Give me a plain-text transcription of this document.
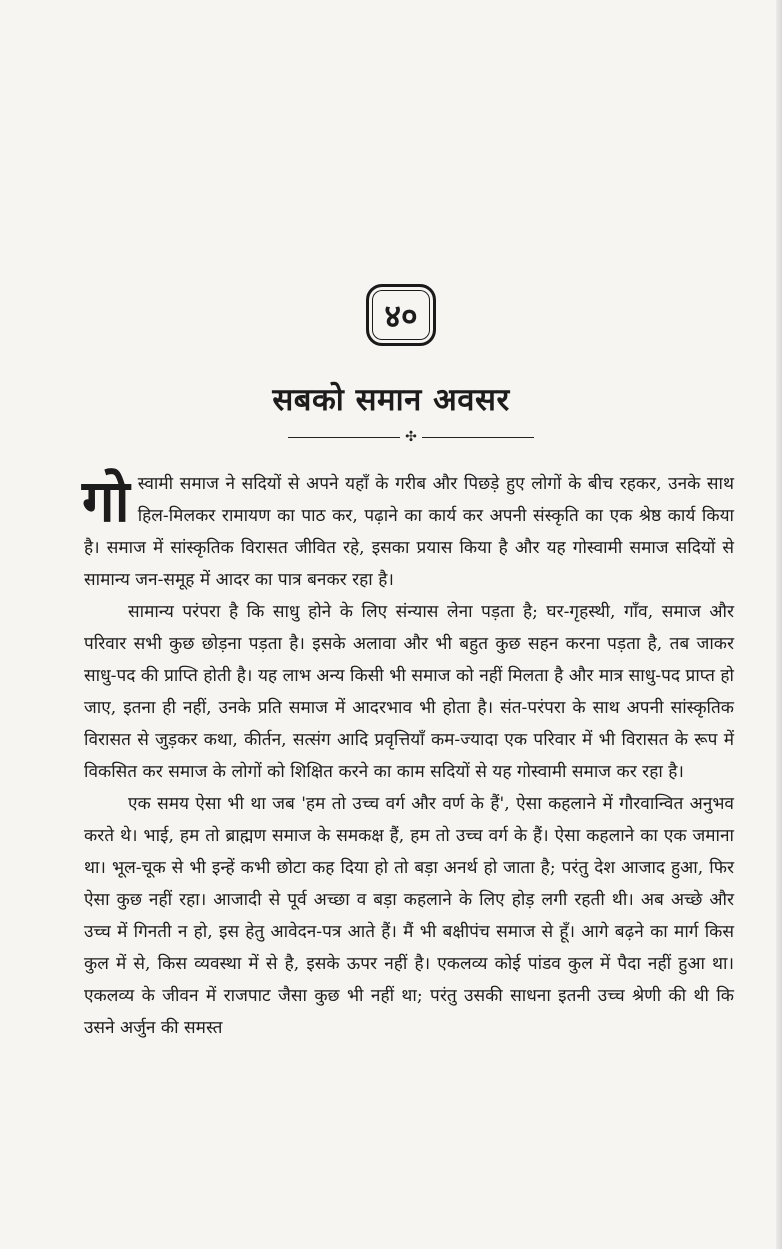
४०
सबको समान अवसर
✣

गोस्वामी समाज ने सदियों से अपने यहाँ के गरीब और पिछड़े हुए लोगों के बीच रहकर, उनके साथ हिल-मिलकर रामायण का पाठ कर, पढ़ाने का कार्य कर अपनी संस्कृति का एक श्रेष्ठ कार्य किया है। समाज में सांस्कृतिक विरासत जीवित रहे, इसका प्रयास किया है और यह गोस्वामी समाज सदियों से सामान्य जन-समूह में आदर का पात्र बनकर रहा है।

सामान्य परंपरा है कि साधु होने के लिए संन्यास लेना पड़ता है; घर-गृहस्थी, गाँव, समाज और परिवार सभी कुछ छोड़ना पड़ता है। इसके अलावा और भी बहुत कुछ सहन करना पड़ता है, तब जाकर साधु-पद की प्राप्ति होती है। यह लाभ अन्य किसी भी समाज को नहीं मिलता है और मात्र साधु-पद प्राप्त हो जाए, इतना ही नहीं, उनके प्रति समाज में आदरभाव भी होता है। संत-परंपरा के साथ अपनी सांस्कृतिक विरासत से जुड़कर कथा, कीर्तन, सत्संग आदि प्रवृत्तियाँ कम-ज्यादा एक परिवार में भी विरासत के रूप में विकसित कर समाज के लोगों को शिक्षित करने का काम सदियों से यह गोस्वामी समाज कर रहा है।

एक समय ऐसा भी था जब 'हम तो उच्च वर्ग और वर्ण के हैं', ऐसा कहलाने में गौरवान्वित अनुभव करते थे। भाई, हम तो ब्राह्मण समाज के समकक्ष हैं, हम तो उच्च वर्ग के हैं। ऐसा कहलाने का एक जमाना था। भूल-चूक से भी इन्हें कभी छोटा कह दिया हो तो बड़ा अनर्थ हो जाता है; परंतु देश आजाद हुआ, फिर ऐसा कुछ नहीं रहा। आजादी से पूर्व अच्छा व बड़ा कहलाने के लिए होड़ लगी रहती थी। अब अच्छे और उच्च में गिनती न हो, इस हेतु आवेदन-पत्र आते हैं। मैं भी बक्षीपंच समाज से हूँ। आगे बढ़ने का मार्ग किस कुल में से, किस व्यवस्था में से है, इसके ऊपर नहीं है। एकलव्य कोई पांडव कुल में पैदा नहीं हुआ था। एकलव्य के जीवन में राजपाट जैसा कुछ भी नहीं था; परंतु उसकी साधना इतनी उच्च श्रेणी की थी कि उसने अर्जुन की समस्त
